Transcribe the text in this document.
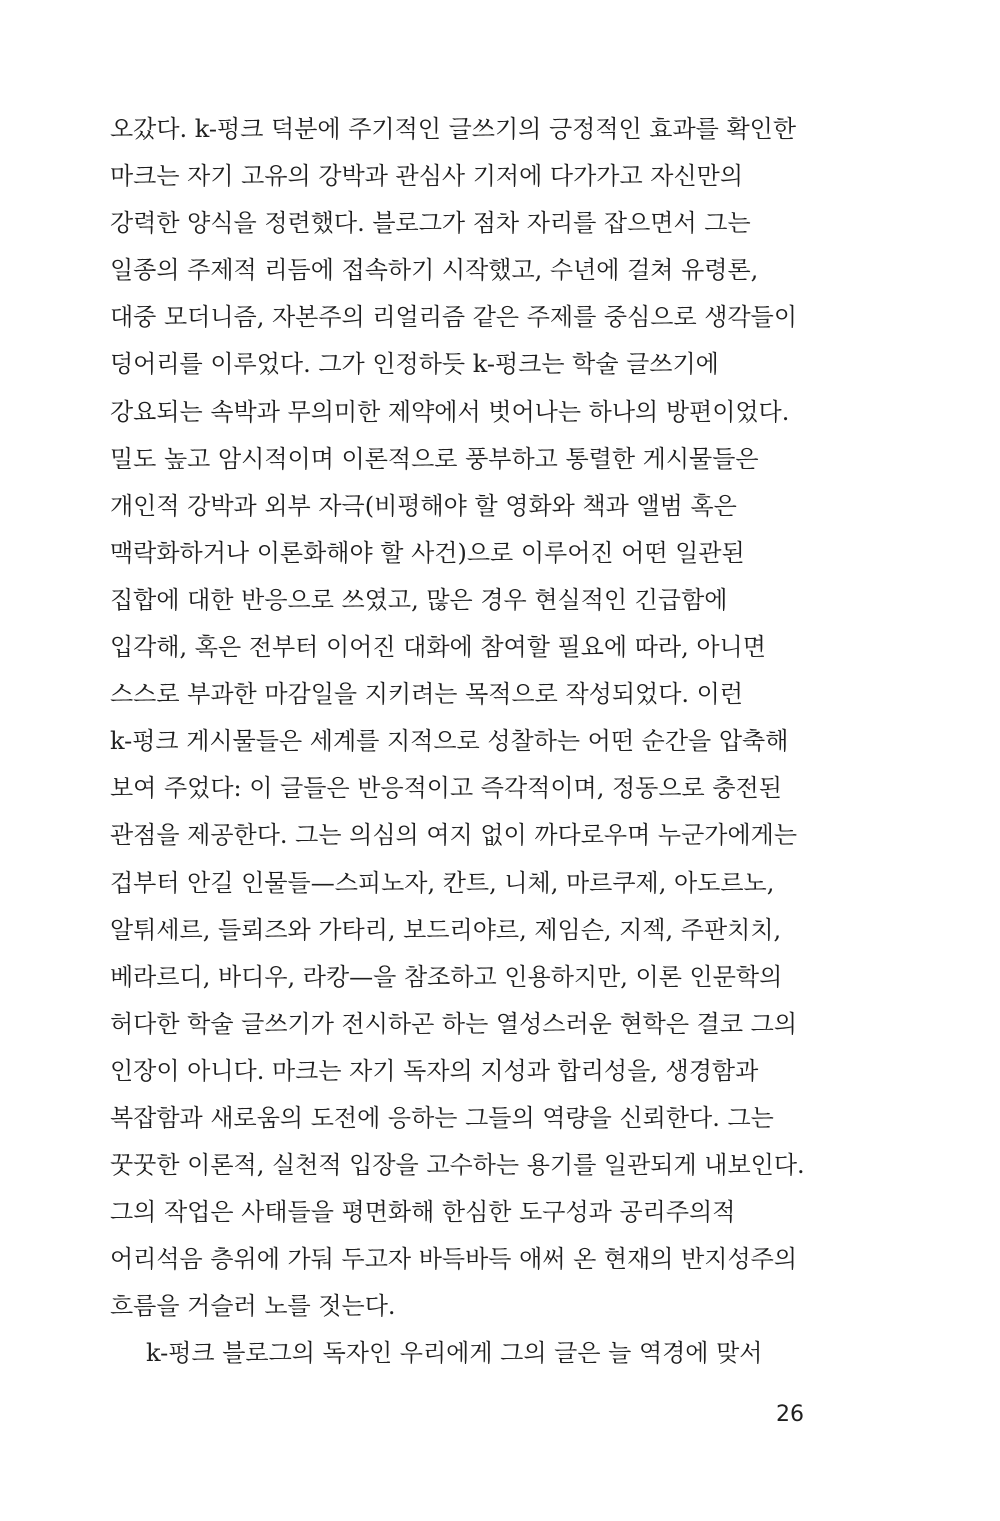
오갔다. k-펑크 덕분에 주기적인 글쓰기의 긍정적인 효과를 확인한
마크는 자기 고유의 강박과 관심사 기저에 다가가고 자신만의
강력한 양식을 정련했다. 블로그가 점차 자리를 잡으면서 그는
일종의 주제적 리듬에 접속하기 시작했고, 수년에 걸쳐 유령론,
대중 모더니즘, 자본주의 리얼리즘 같은 주제를 중심으로 생각들이
덩어리를 이루었다. 그가 인정하듯 k-펑크는 학술 글쓰기에
강요되는 속박과 무의미한 제약에서 벗어나는 하나의 방편이었다.
밀도 높고 암시적이며 이론적으로 풍부하고 통렬한 게시물들은
개인적 강박과 외부 자극(비평해야 할 영화와 책과 앨범 혹은
맥락화하거나 이론화해야 할 사건)으로 이루어진 어떤 일관된
집합에 대한 반응으로 쓰였고, 많은 경우 현실적인 긴급함에
입각해, 혹은 전부터 이어진 대화에 참여할 필요에 따라, 아니면
스스로 부과한 마감일을 지키려는 목적으로 작성되었다. 이런
k-펑크 게시물들은 세계를 지적으로 성찰하는 어떤 순간을 압축해
보여 주었다: 이 글들은 반응적이고 즉각적이며, 정동으로 충전된
관점을 제공한다. 그는 의심의 여지 없이 까다로우며 누군가에게는
겁부터 안길 인물들—스피노자, 칸트, 니체, 마르쿠제, 아도르노,
알튀세르, 들뢰즈와 가타리, 보드리야르, 제임슨, 지젝, 주판치치,
베라르디, 바디우, 라캉—을 참조하고 인용하지만, 이론 인문학의
허다한 학술 글쓰기가 전시하곤 하는 열성스러운 현학은 결코 그의
인장이 아니다. 마크는 자기 독자의 지성과 합리성을, 생경함과
복잡함과 새로움의 도전에 응하는 그들의 역량을 신뢰한다. 그는
꿋꿋한 이론적, 실천적 입장을 고수하는 용기를 일관되게 내보인다.
그의 작업은 사태들을 평면화해 한심한 도구성과 공리주의적
어리석음 층위에 가둬 두고자 바득바득 애써 온 현재의 반지성주의
흐름을 거슬러 노를 젓는다.
k-펑크 블로그의 독자인 우리에게 그의 글은 늘 역경에 맞서
26
